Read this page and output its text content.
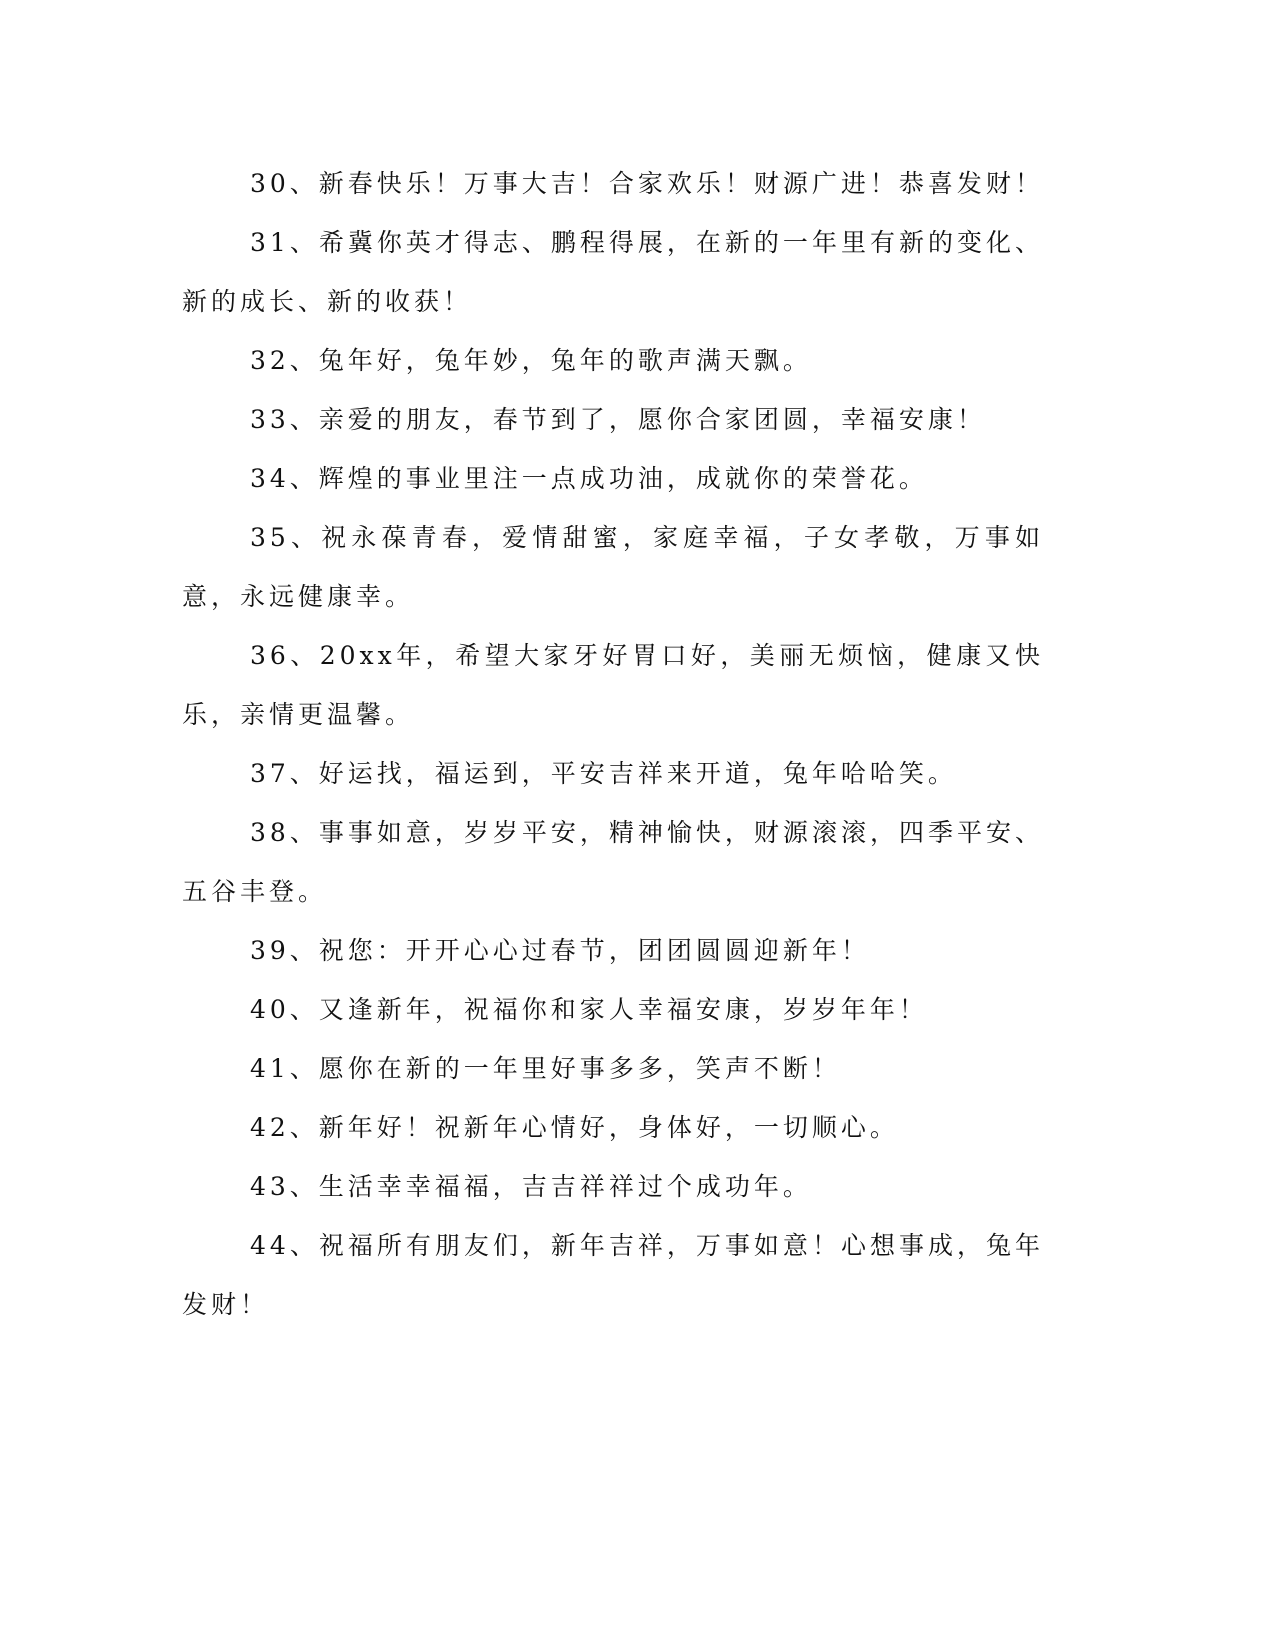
30、新春快乐！万事大吉！合家欢乐！财源广进！恭喜发财！

31、希冀你英才得志、鹏程得展，在新的一年里有新的变化、新的成长、新的收获！

32、兔年好，兔年妙，兔年的歌声满天飘。

33、亲爱的朋友，春节到了，愿你合家团圆，幸福安康！

34、辉煌的事业里注一点成功油，成就你的荣誉花。

35、祝永葆青春，爱情甜蜜，家庭幸福，子女孝敬，万事如意，永远健康幸。

36、20xx年，希望大家牙好胃口好，美丽无烦恼，健康又快乐，亲情更温馨。

37、好运找，福运到，平安吉祥来开道，兔年哈哈笑。

38、事事如意，岁岁平安，精神愉快，财源滚滚，四季平安、五谷丰登。

39、祝您：开开心心过春节，团团圆圆迎新年！

40、又逢新年，祝福你和家人幸福安康，岁岁年年！

41、愿你在新的一年里好事多多，笑声不断！

42、新年好！祝新年心情好，身体好，一切顺心。

43、生活幸幸福福，吉吉祥祥过个成功年。

44、祝福所有朋友们，新年吉祥，万事如意！心想事成，兔年发财！
